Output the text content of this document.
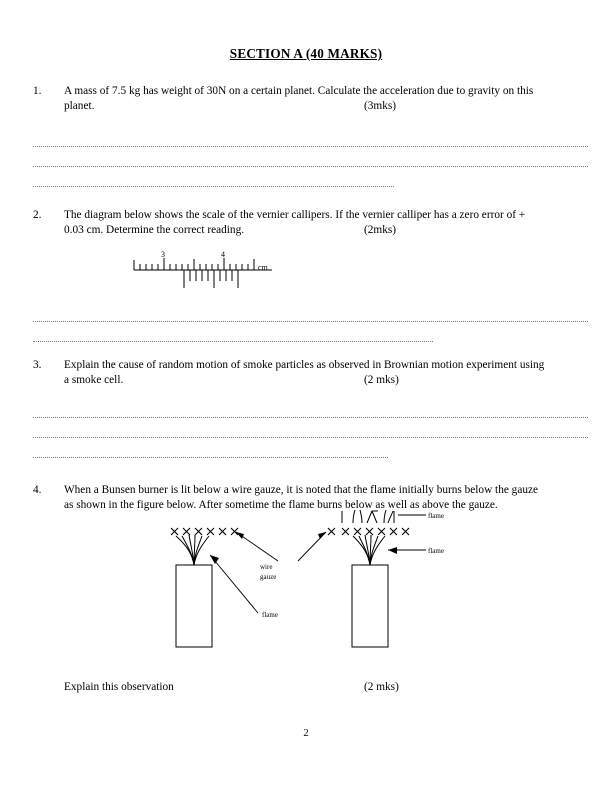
SECTION A (40 MARKS)
1.	A mass of 7.5 kg has weight of 30N on a certain planet. Calculate the acceleration due to gravity on this
planet.	(3mks)
2.	The diagram below shows the scale of the vernier callipers. If the vernier calliper has a zero error of +
0.03 cm. Determine the correct reading.	(2mks)
3	4
cm
3.	Explain the cause of random motion of smoke particles as observed in Brownian motion experiment using
a smoke cell.	(2 mks)
4.	When a Bunsen burner is lit below a wire gauze, it is noted that the flame initially burns below the gauze
as shown in the figure below. After sometime the flame burns below as well as above the gauze.
wire
gauze
flame
flame
flame
Explain this observation	(2 mks)
2
